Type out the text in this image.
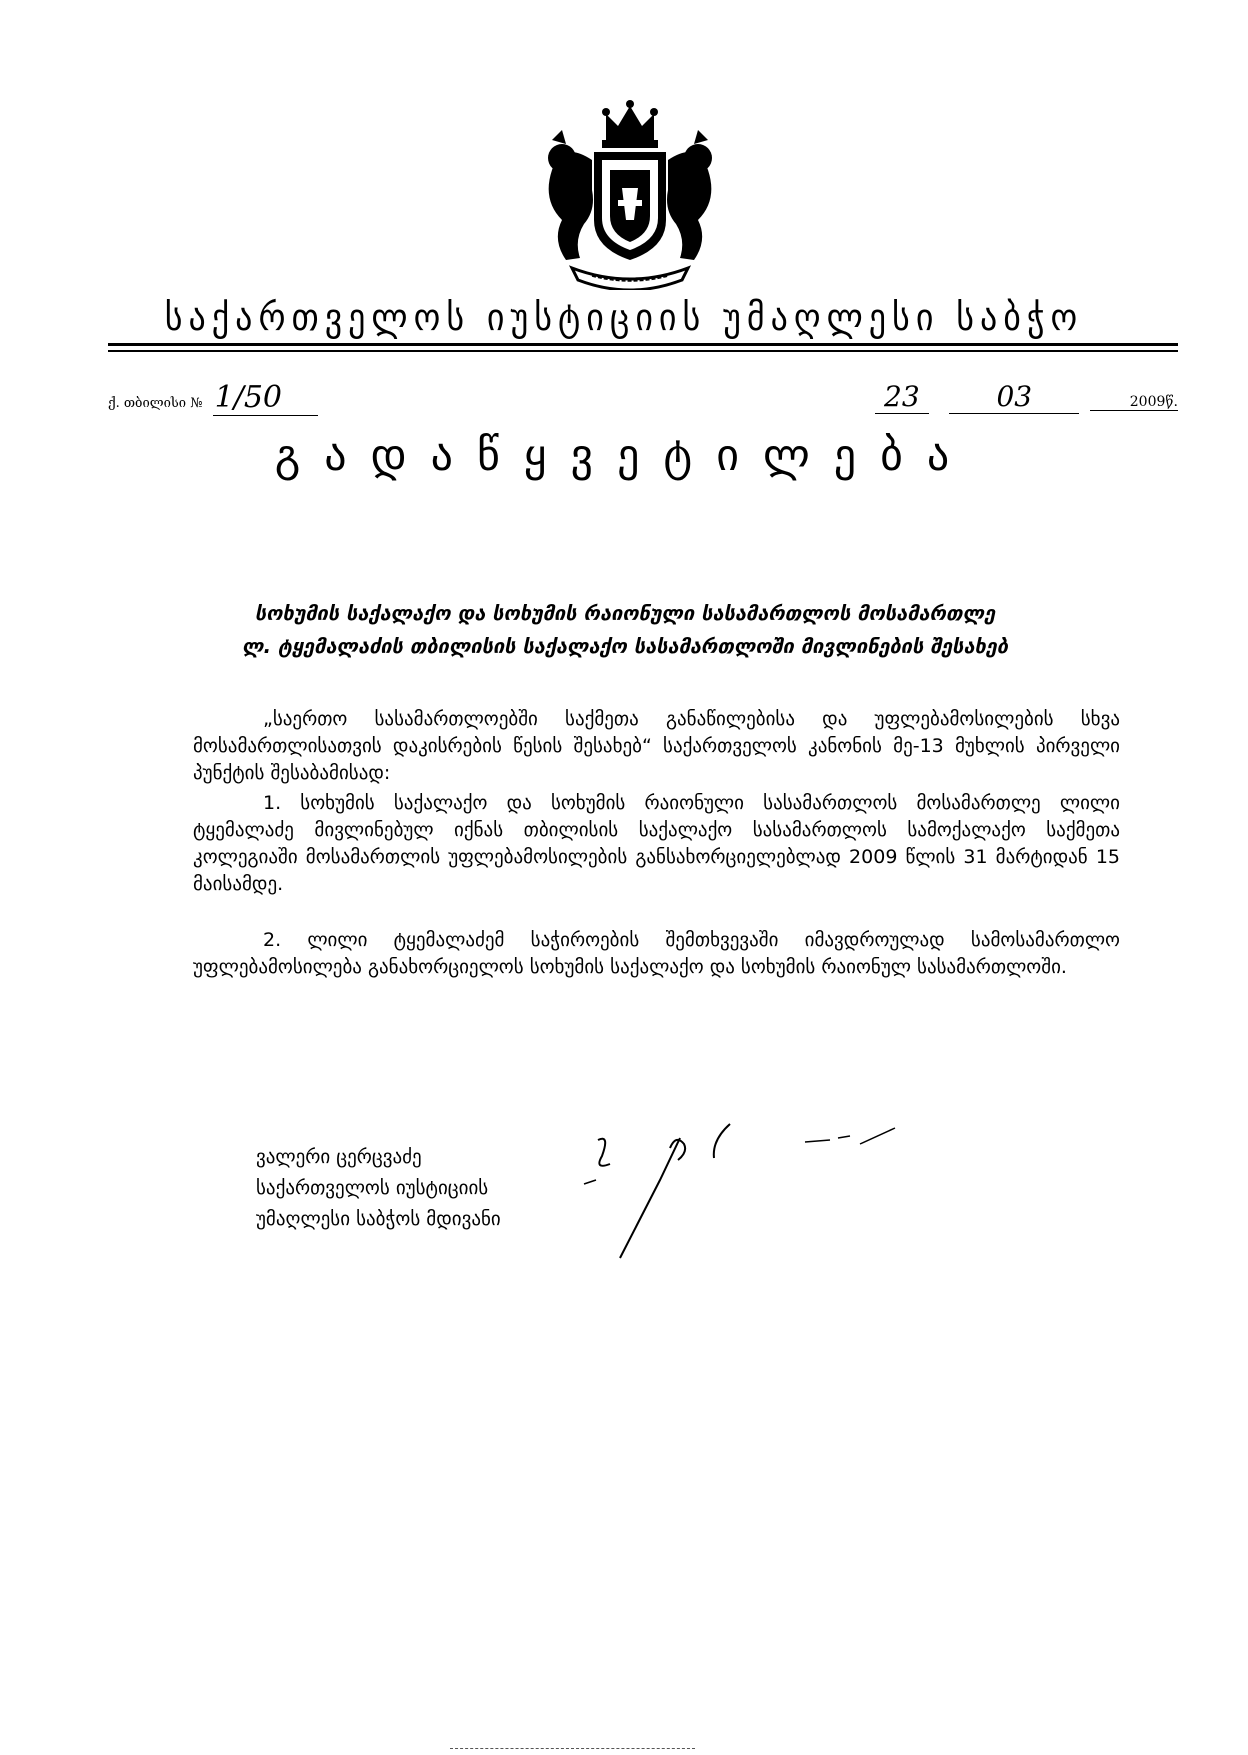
საქართველოს იუსტიციის უმაღლესი საბჭო
ქ. თბილისი № 1/50	23	03	2009წ.
გადაწყვეტილება
სოხუმის საქალაქო და სოხუმის რაიონული სასამართლოს მოსამართლე
ლ. ტყემალაძის თბილისის საქალაქო სასამართლოში მივლინების შესახებ
„საერთო სასამართლოებში საქმეთა განაწილებისა და უფლებამოსილების სხვა მოსამართლისათვის დაკისრების წესის შესახებ“ საქართველოს კანონის მე-13 მუხლის პირველი პუნქტის შესაბამისად:
1. სოხუმის საქალაქო და სოხუმის რაიონული სასამართლოს მოსამართლე ლილი ტყემალაძე მივლინებულ იქნას თბილისის საქალაქო სასამართლოს სამოქალაქო საქმეთა კოლეგიაში მოსამართლის უფლებამოსილების განსახორციელებლად 2009 წლის 31 მარტიდან 15 მაისამდე.
2. ლილი ტყემალაძემ საჭიროების შემთხვევაში იმავდროულად სამოსამართლო უფლებამოსილება განახორციელოს სოხუმის საქალაქო და სოხუმის რაიონულ სასამართლოში.
ვალერი ცერცვაძე
საქართველოს იუსტიციის
უმაღლესი საბჭოს მდივანი
